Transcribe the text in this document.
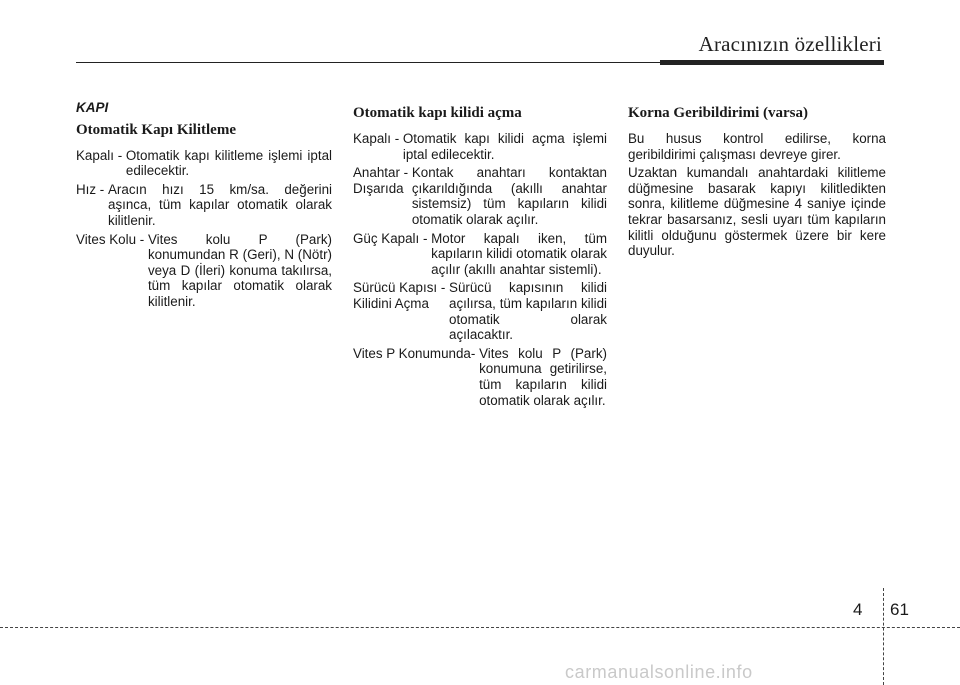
Aracınızın özellikleri
KAPI
Otomatik Kapı Kilitleme
Kapalı - Otomatik kapı kilitleme işlemi iptal edilecektir.
Hız - Aracın hızı 15 km/sa. değerini aşınca, tüm kapılar otomatik olarak kilitlenir.
Vites Kolu - Vites kolu P (Park) konumundan R (Geri), N (Nötr) veya D (İleri) konuma takılırsa, tüm kapılar otomatik olarak kilitlenir.
Otomatik kapı kilidi açma
Kapalı - Otomatik kapı kilidi açma işlemi iptal edilecektir.
Anahtar -
Dışarıda
Kontak anahtarı kontaktan çıkarıldığında (akıllı anahtar sistemsiz) tüm kapıların kilidi otomatik olarak açılır.
Güç Kapalı - Motor kapalı iken, tüm kapıların kilidi otomatik olarak açılır (akıllı anahtar sistemli).
Sürücü Kapısı -
Kilidini Açma
Sürücü kapısının kilidi açılırsa, tüm kapıların kilidi otomatik olarak açılacaktır.
Vites P Konumunda- Vites kolu P (Park) konumuna getirilirse, tüm kapıların kilidi otomatik olarak açılır.
Korna Geribildirimi (varsa)

Bu husus kontrol edilirse, korna geribildirimi çalışması devreye girer.

Uzaktan kumandalı anahtardaki kilitleme düğmesine basarak kapıyı kilitledikten sonra, kilitleme düğmesine 4 saniye içinde tekrar basarsanız, sesli uyarı tüm kapıların kilitli olduğunu göstermek üzere bir kere duyulur.

4 61
carmanualsonline.info
